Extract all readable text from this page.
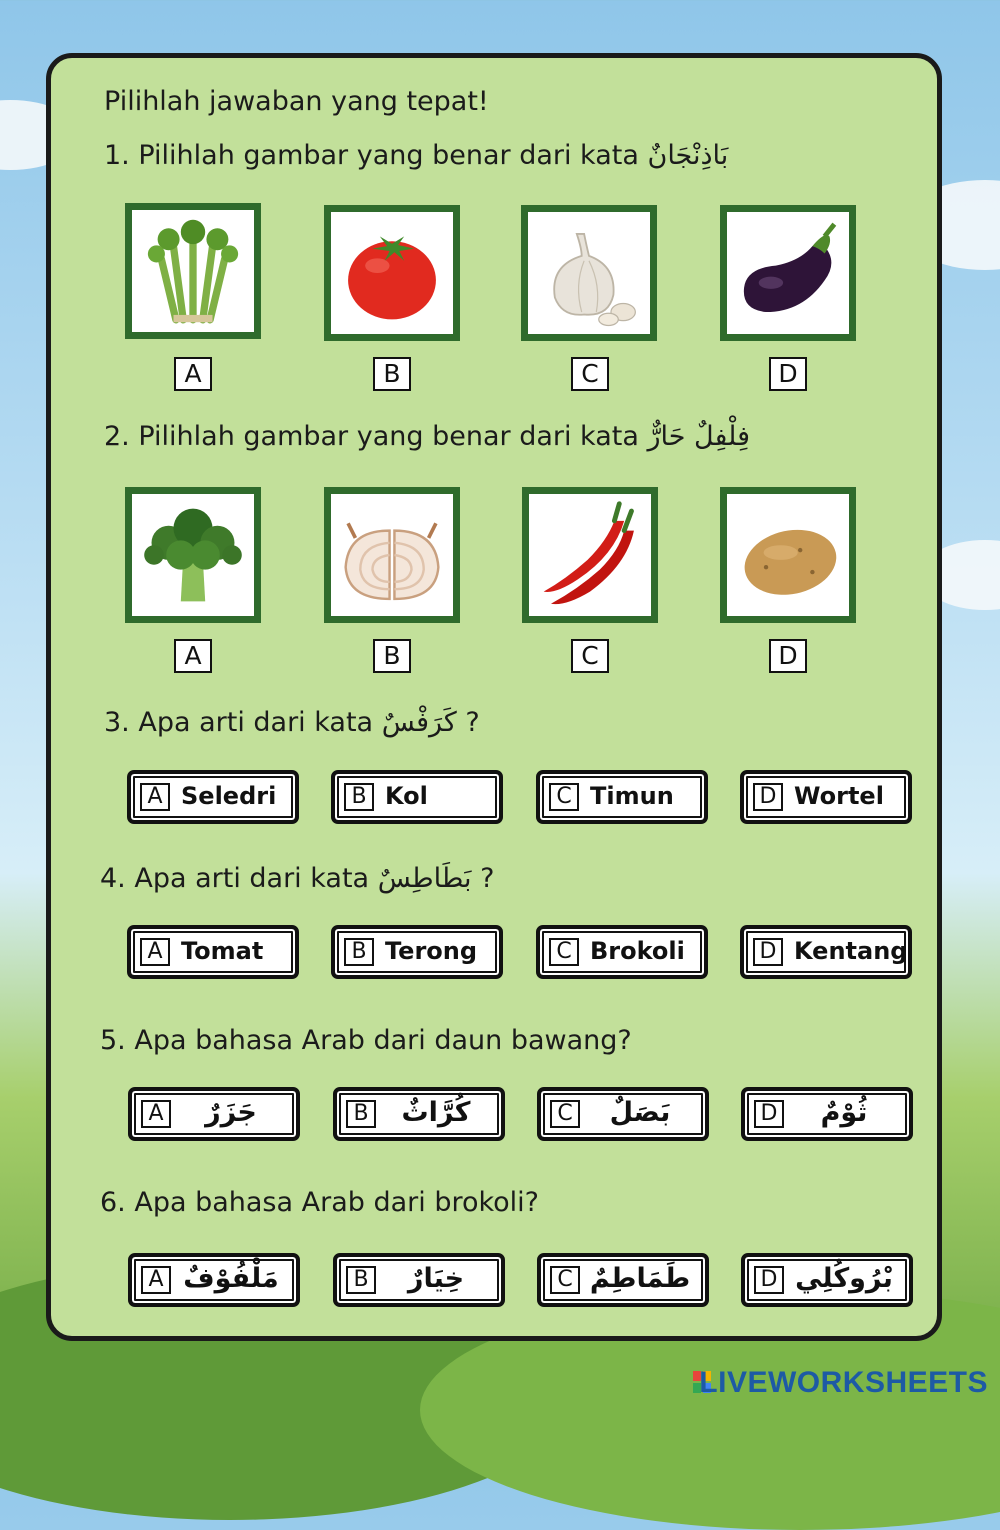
Pilihlah jawaban yang tepat!
1. Pilihlah gambar yang benar dari kata بَاذِنْجَانٌ
A	B	C	D
2. Pilihlah gambar yang benar dari kata فِلْفِلٌ حَارٌّ
A	B	C	D
3. Apa arti dari kata كَرَفْسٌ ?
A Seledri	B Kol	C Timun	D Wortel
4. Apa arti dari kata بَطَاطِسٌ ?
A Tomat	B Terong	C Brokoli	D Kentang
5. Apa bahasa Arab dari daun bawang?
A	جَزَرٌ	B	كُرَّاثٌ	C	بَصَلٌ	D	ثُوْمٌ
6. Apa bahasa Arab dari brokoli?
A مَلْفُوْفٌ	B	خِيَارٌ	C طَمَاطِمٌ	D بْرُوكُلِي
LIVEWORKSHEETS
